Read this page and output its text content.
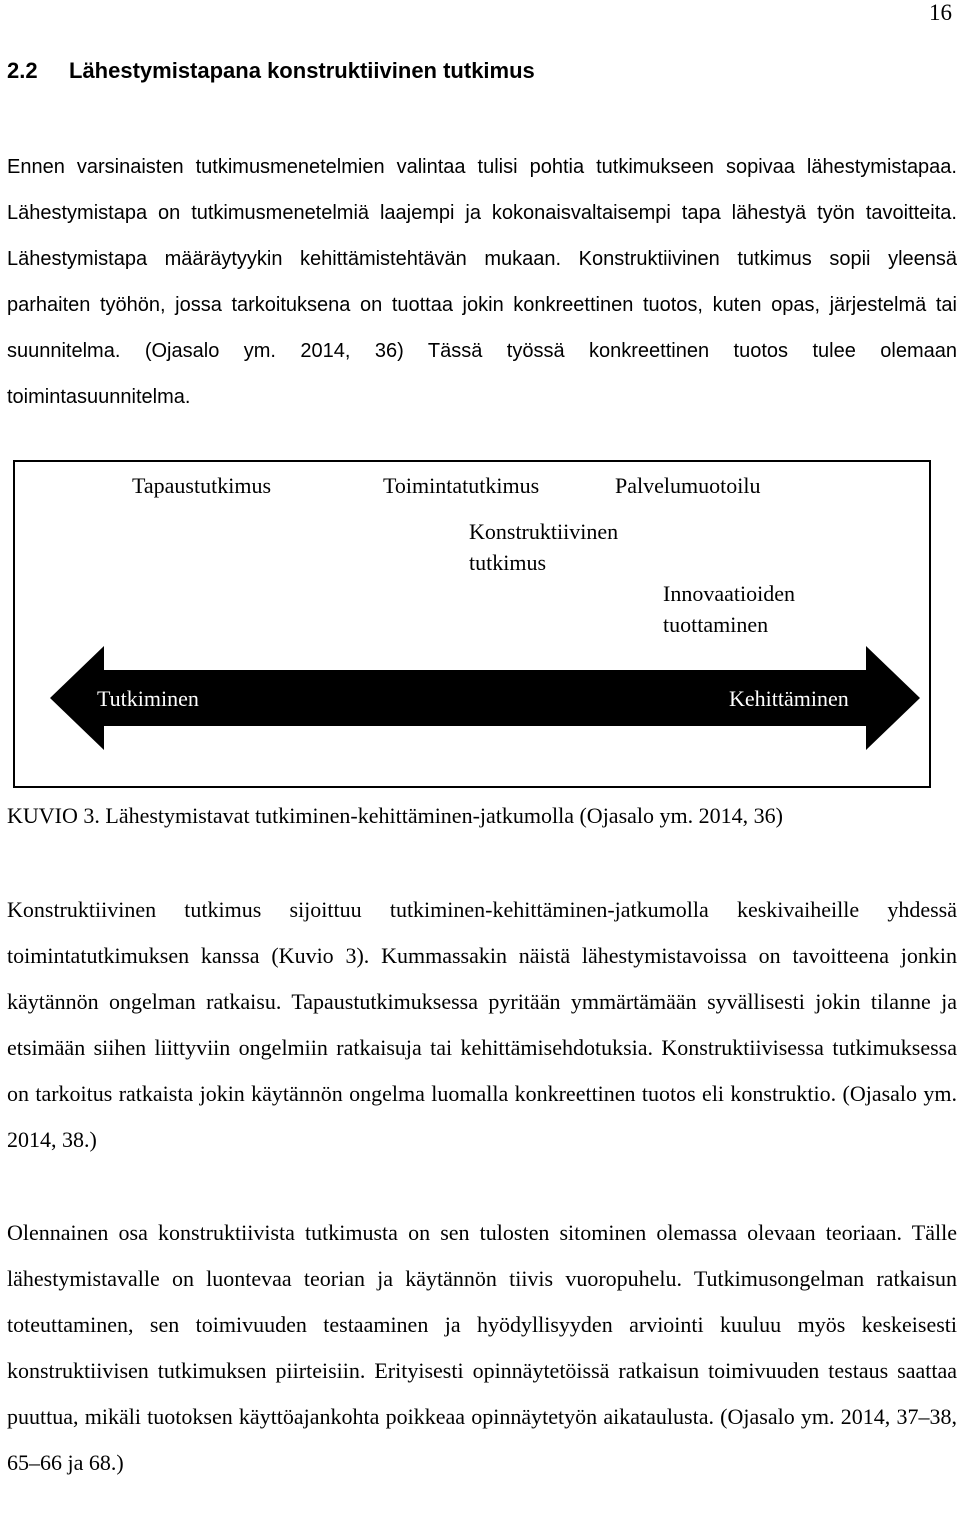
16
2.2 Lähestymistapana konstruktiivinen tutkimus

Ennen varsinaisten tutkimusmenetelmien valintaa tulisi pohtia tutkimukseen sopivaa lähestymistapaa. Lähestymistapa on tutkimusmenetelmiä laajempi ja kokonaisvaltaisempi tapa lähestyä työn tavoitteita. Lähestymistapa määräytyykin kehittämistehtävän mukaan. Konstruktiivinen tutkimus sopii yleensä parhaiten työhön, jossa tarkoituksena on tuottaa jokin konkreettinen tuotos, kuten opas, järjestelmä tai suunnitelma. (Ojasalo ym. 2014, 36) Tässä työssä konkreettinen tuotos tulee olemaan toimintasuunnitelma.

Tapaustutkimus	Toimintatutkimus	Palvelumuotoilu
Konstruktiivinen
tutkimus
Innovaatioiden
tuottaminen
Tutkiminen	Kehittäminen

KUVIO 3. Lähestymistavat tutkiminen-kehittäminen-jatkumolla (Ojasalo ym. 2014, 36)

Konstruktiivinen tutkimus sijoittuu tutkiminen-kehittäminen-jatkumolla keskivaiheille yhdessä toimintatutkimuksen kanssa (Kuvio 3). Kummassakin näistä lähestymistavoissa on tavoitteena jonkin käytännön ongelman ratkaisu. Tapaustutkimuksessa pyritään ymmärtämään syvällisesti jokin tilanne ja etsimään siihen liittyviin ongelmiin ratkaisuja tai kehittämisehdotuksia. Konstruktiivisessa tutkimuksessa on tarkoitus ratkaista jokin käytännön ongelma luomalla konkreettinen tuotos eli konstruktio. (Ojasalo ym. 2014, 38.)

Olennainen osa konstruktiivista tutkimusta on sen tulosten sitominen olemassa olevaan teoriaan. Tälle lähestymistavalle on luontevaa teorian ja käytännön tiivis vuoropuhelu. Tutkimusongelman ratkaisun toteuttaminen, sen toimivuuden testaaminen ja hyödyllisyyden arviointi kuuluu myös keskeisesti konstruktiivisen tutkimuksen piirteisiin. Erityisesti opinnäytetöissä ratkaisun toimivuuden testaus saattaa puuttua, mikäli tuotoksen käyttöajankohta poikkeaa opinnäytetyön aikataulusta. (Ojasalo ym. 2014, 37–38, 65–66 ja 68.)
